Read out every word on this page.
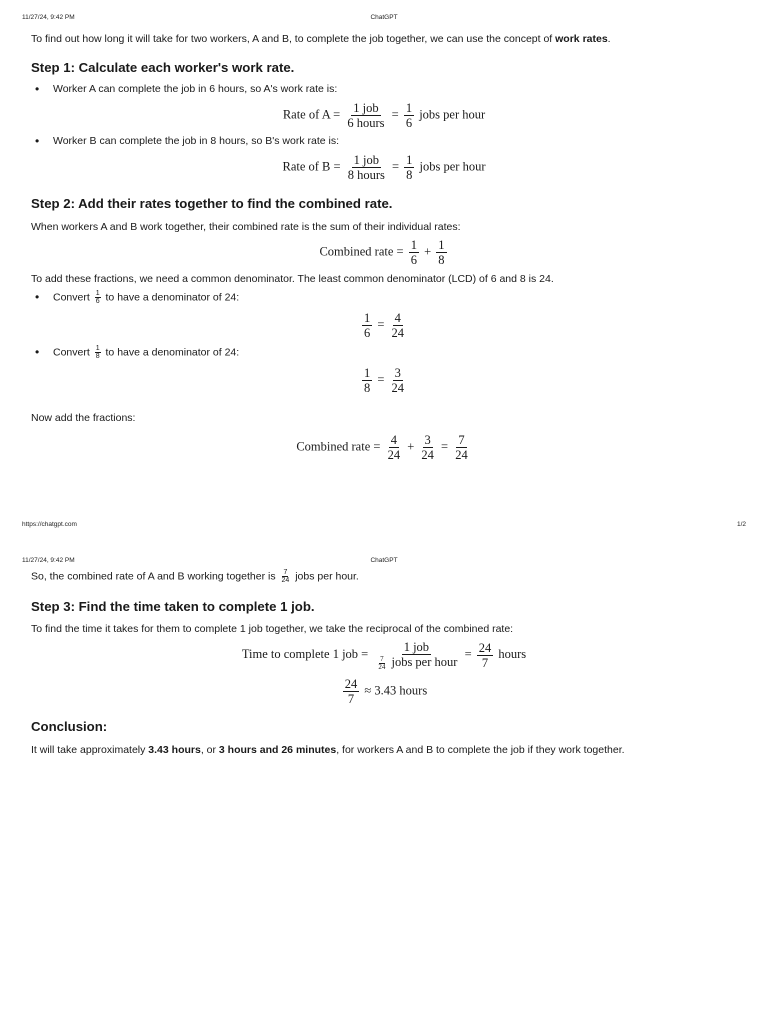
11/27/24, 9:42 PM	ChatGPT

To find out how long it will take for two workers, A and B, to complete the job together, we can use the concept of work rates.

Step 1: Calculate each worker's work rate.
• Worker A can complete the job in 6 hours, so A's work rate is:
Rate of $A = \frac{\text{1 job}}{\text{6 hours}} = \frac{1}{6}$ jobs per hour
• Worker B can complete the job in 8 hours, so B's work rate is:
Rate of $B = \frac{\text{1 job}}{\text{8 hours}} = \frac{1}{8}$ jobs per hour
Step 2: Add their rates together to find the combined rate.

When workers A and B work together, their combined rate is the sum of their individual rates:

Combined rate = $\frac{1}{6} + \frac{1}{8}$

To add these fractions, we need a common denominator. The least common denominator (LCD) of 6 and 8 is 24.

• Convert $\frac{1}{6}$ to have a denominator of 24:
$\frac{1}{6} = \frac{4}{24}$
• Convert $\frac{1}{8}$ to have a denominator of 24:
$\frac{1}{8} = \frac{3}{24}$

Now add the fractions:

Combined rate = $\frac{4}{24} + \frac{3}{24} = \frac{7}{24}$
https://chatgpt.com	1/2
11/27/24, 9:42 PM	ChatGPT

So, the combined rate of A and B working together is $\frac{7}{24}$ jobs per hour.

Step 3: Find the time taken to complete 1 job.

To find the time it takes for them to complete 1 job together, we take the reciprocal of the combined rate:

Time to complete 1 job = $\frac{\text{1 job}}{\frac{7}{24} jobs per hour} = \frac{24}{7}$ hours
$\frac{24}{7} \approx 3.43$ hours
Conclusion:

It will take approximately 3.43 hours, or 3 hours and 26 minutes, for workers A and B to complete the job if they work together.
